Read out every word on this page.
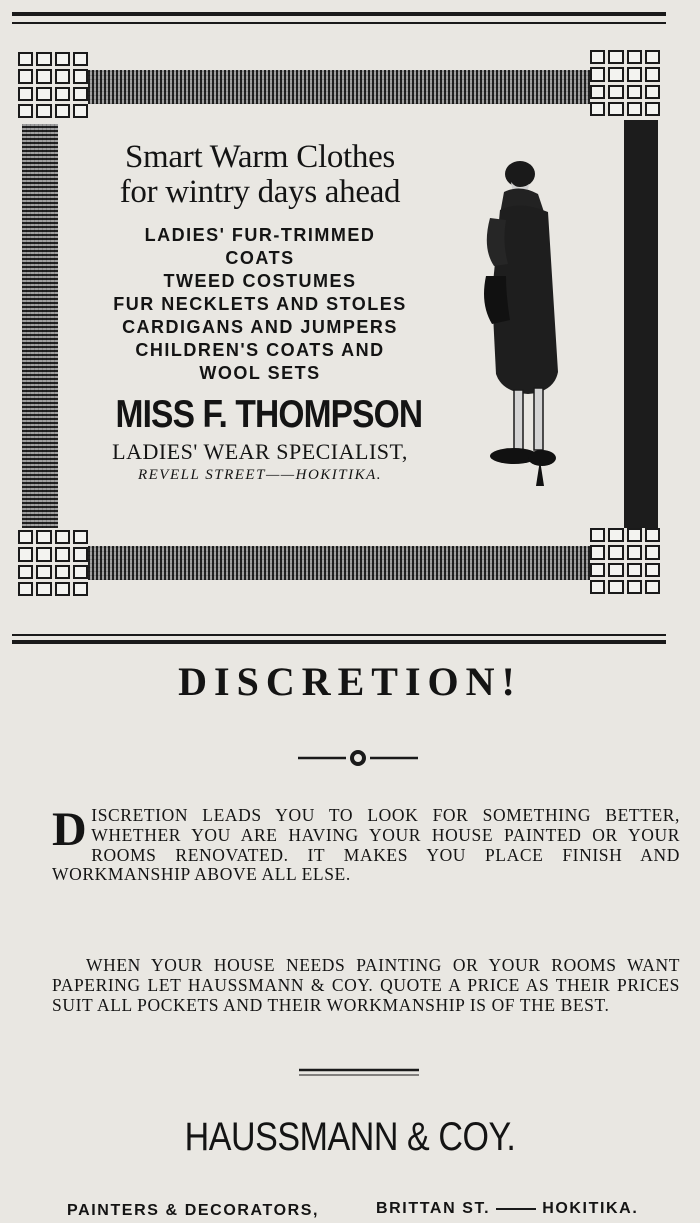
Smart Warm Clothes
for wintry days ahead
LADIES' FUR-TRIMMED
COATS
TWEED COSTUMES
FUR NECKLETS AND STOLES
CARDIGANS AND JUMPERS
CHILDREN'S COATS AND
WOOL SETS
MISS F. THOMPSON
LADIES' WEAR SPECIALIST,
REVELL STREET——HOKITIKA.
DISCRETION!
D ISCRETION LEADS YOU TO LOOK FOR SOMETHING BETTER, WHETHER YOU ARE HAVING YOUR HOUSE PAINTED OR YOUR ROOMS RENOVATED. IT MAKES YOU PLACE FINISH AND WORKMANSHIP ABOVE ALL ELSE.
WHEN YOUR HOUSE NEEDS PAINTING OR YOUR ROOMS WANT PAPERING LET HAUSSMANN & COY. QUOTE A PRICE AS THEIR PRICES SUIT ALL POCKETS AND THEIR WORKMANSHIP IS OF THE BEST.
HAUSSMANN & COY.
PAINTERS & DECORATORS,	BRITTAN ST.	HOKITIKA.
